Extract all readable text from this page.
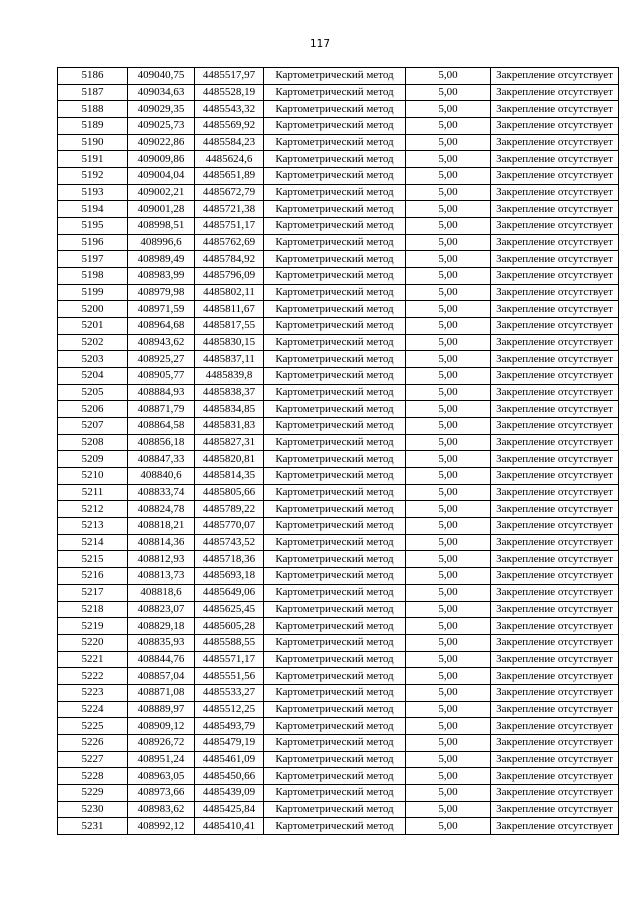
117
5186	409040,75	4485517,97	Картометрический метод	5,00	Закрепление отсутствует
5187	409034,63	4485528,19	Картометрический метод	5,00	Закрепление отсутствует
5188	409029,35	4485543,32	Картометрический метод	5,00	Закрепление отсутствует
5189	409025,73	4485569,92	Картометрический метод	5,00	Закрепление отсутствует
5190	409022,86	4485584,23	Картометрический метод	5,00	Закрепление отсутствует
5191	409009,86	4485624,6	Картометрический метод	5,00	Закрепление отсутствует
5192	409004,04	4485651,89	Картометрический метод	5,00	Закрепление отсутствует
5193	409002,21	4485672,79	Картометрический метод	5,00	Закрепление отсутствует
5194	409001,28	4485721,38	Картометрический метод	5,00	Закрепление отсутствует
5195	408998,51	4485751,17	Картометрический метод	5,00	Закрепление отсутствует
5196	408996,6	4485762,69	Картометрический метод	5,00	Закрепление отсутствует
5197	408989,49	4485784,92	Картометрический метод	5,00	Закрепление отсутствует
5198	408983,99	4485796,09	Картометрический метод	5,00	Закрепление отсутствует
5199	408979,98	4485802,11	Картометрический метод	5,00	Закрепление отсутствует
5200	408971,59	4485811,67	Картометрический метод	5,00	Закрепление отсутствует
5201	408964,68	4485817,55	Картометрический метод	5,00	Закрепление отсутствует
5202	408943,62	4485830,15	Картометрический метод	5,00	Закрепление отсутствует
5203	408925,27	4485837,11	Картометрический метод	5,00	Закрепление отсутствует
5204	408905,77	4485839,8	Картометрический метод	5,00	Закрепление отсутствует
5205	408884,93	4485838,37	Картометрический метод	5,00	Закрепление отсутствует
5206	408871,79	4485834,85	Картометрический метод	5,00	Закрепление отсутствует
5207	408864,58	4485831,83	Картометрический метод	5,00	Закрепление отсутствует
5208	408856,18	4485827,31	Картометрический метод	5,00	Закрепление отсутствует
5209	408847,33	4485820,81	Картометрический метод	5,00	Закрепление отсутствует
5210	408840,6	4485814,35	Картометрический метод	5,00	Закрепление отсутствует
5211	408833,74	4485805,66	Картометрический метод	5,00	Закрепление отсутствует
5212	408824,78	4485789,22	Картометрический метод	5,00	Закрепление отсутствует
5213	408818,21	4485770,07	Картометрический метод	5,00	Закрепление отсутствует
5214	408814,36	4485743,52	Картометрический метод	5,00	Закрепление отсутствует
5215	408812,93	4485718,36	Картометрический метод	5,00	Закрепление отсутствует
5216	408813,73	4485693,18	Картометрический метод	5,00	Закрепление отсутствует
5217	408818,6	4485649,06	Картометрический метод	5,00	Закрепление отсутствует
5218	408823,07	4485625,45	Картометрический метод	5,00	Закрепление отсутствует
5219	408829,18	4485605,28	Картометрический метод	5,00	Закрепление отсутствует
5220	408835,93	4485588,55	Картометрический метод	5,00	Закрепление отсутствует
5221	408844,76	4485571,17	Картометрический метод	5,00	Закрепление отсутствует
5222	408857,04	4485551,56	Картометрический метод	5,00	Закрепление отсутствует
5223	408871,08	4485533,27	Картометрический метод	5,00	Закрепление отсутствует
5224	408889,97	4485512,25	Картометрический метод	5,00	Закрепление отсутствует
5225	408909,12	4485493,79	Картометрический метод	5,00	Закрепление отсутствует
5226	408926,72	4485479,19	Картометрический метод	5,00	Закрепление отсутствует
5227	408951,24	4485461,09	Картометрический метод	5,00	Закрепление отсутствует
5228	408963,05	4485450,66	Картометрический метод	5,00	Закрепление отсутствует
5229	408973,66	4485439,09	Картометрический метод	5,00	Закрепление отсутствует
5230	408983,62	4485425,84	Картометрический метод	5,00	Закрепление отсутствует
5231	408992,12	4485410,41	Картометрический метод	5,00	Закрепление отсутствует
